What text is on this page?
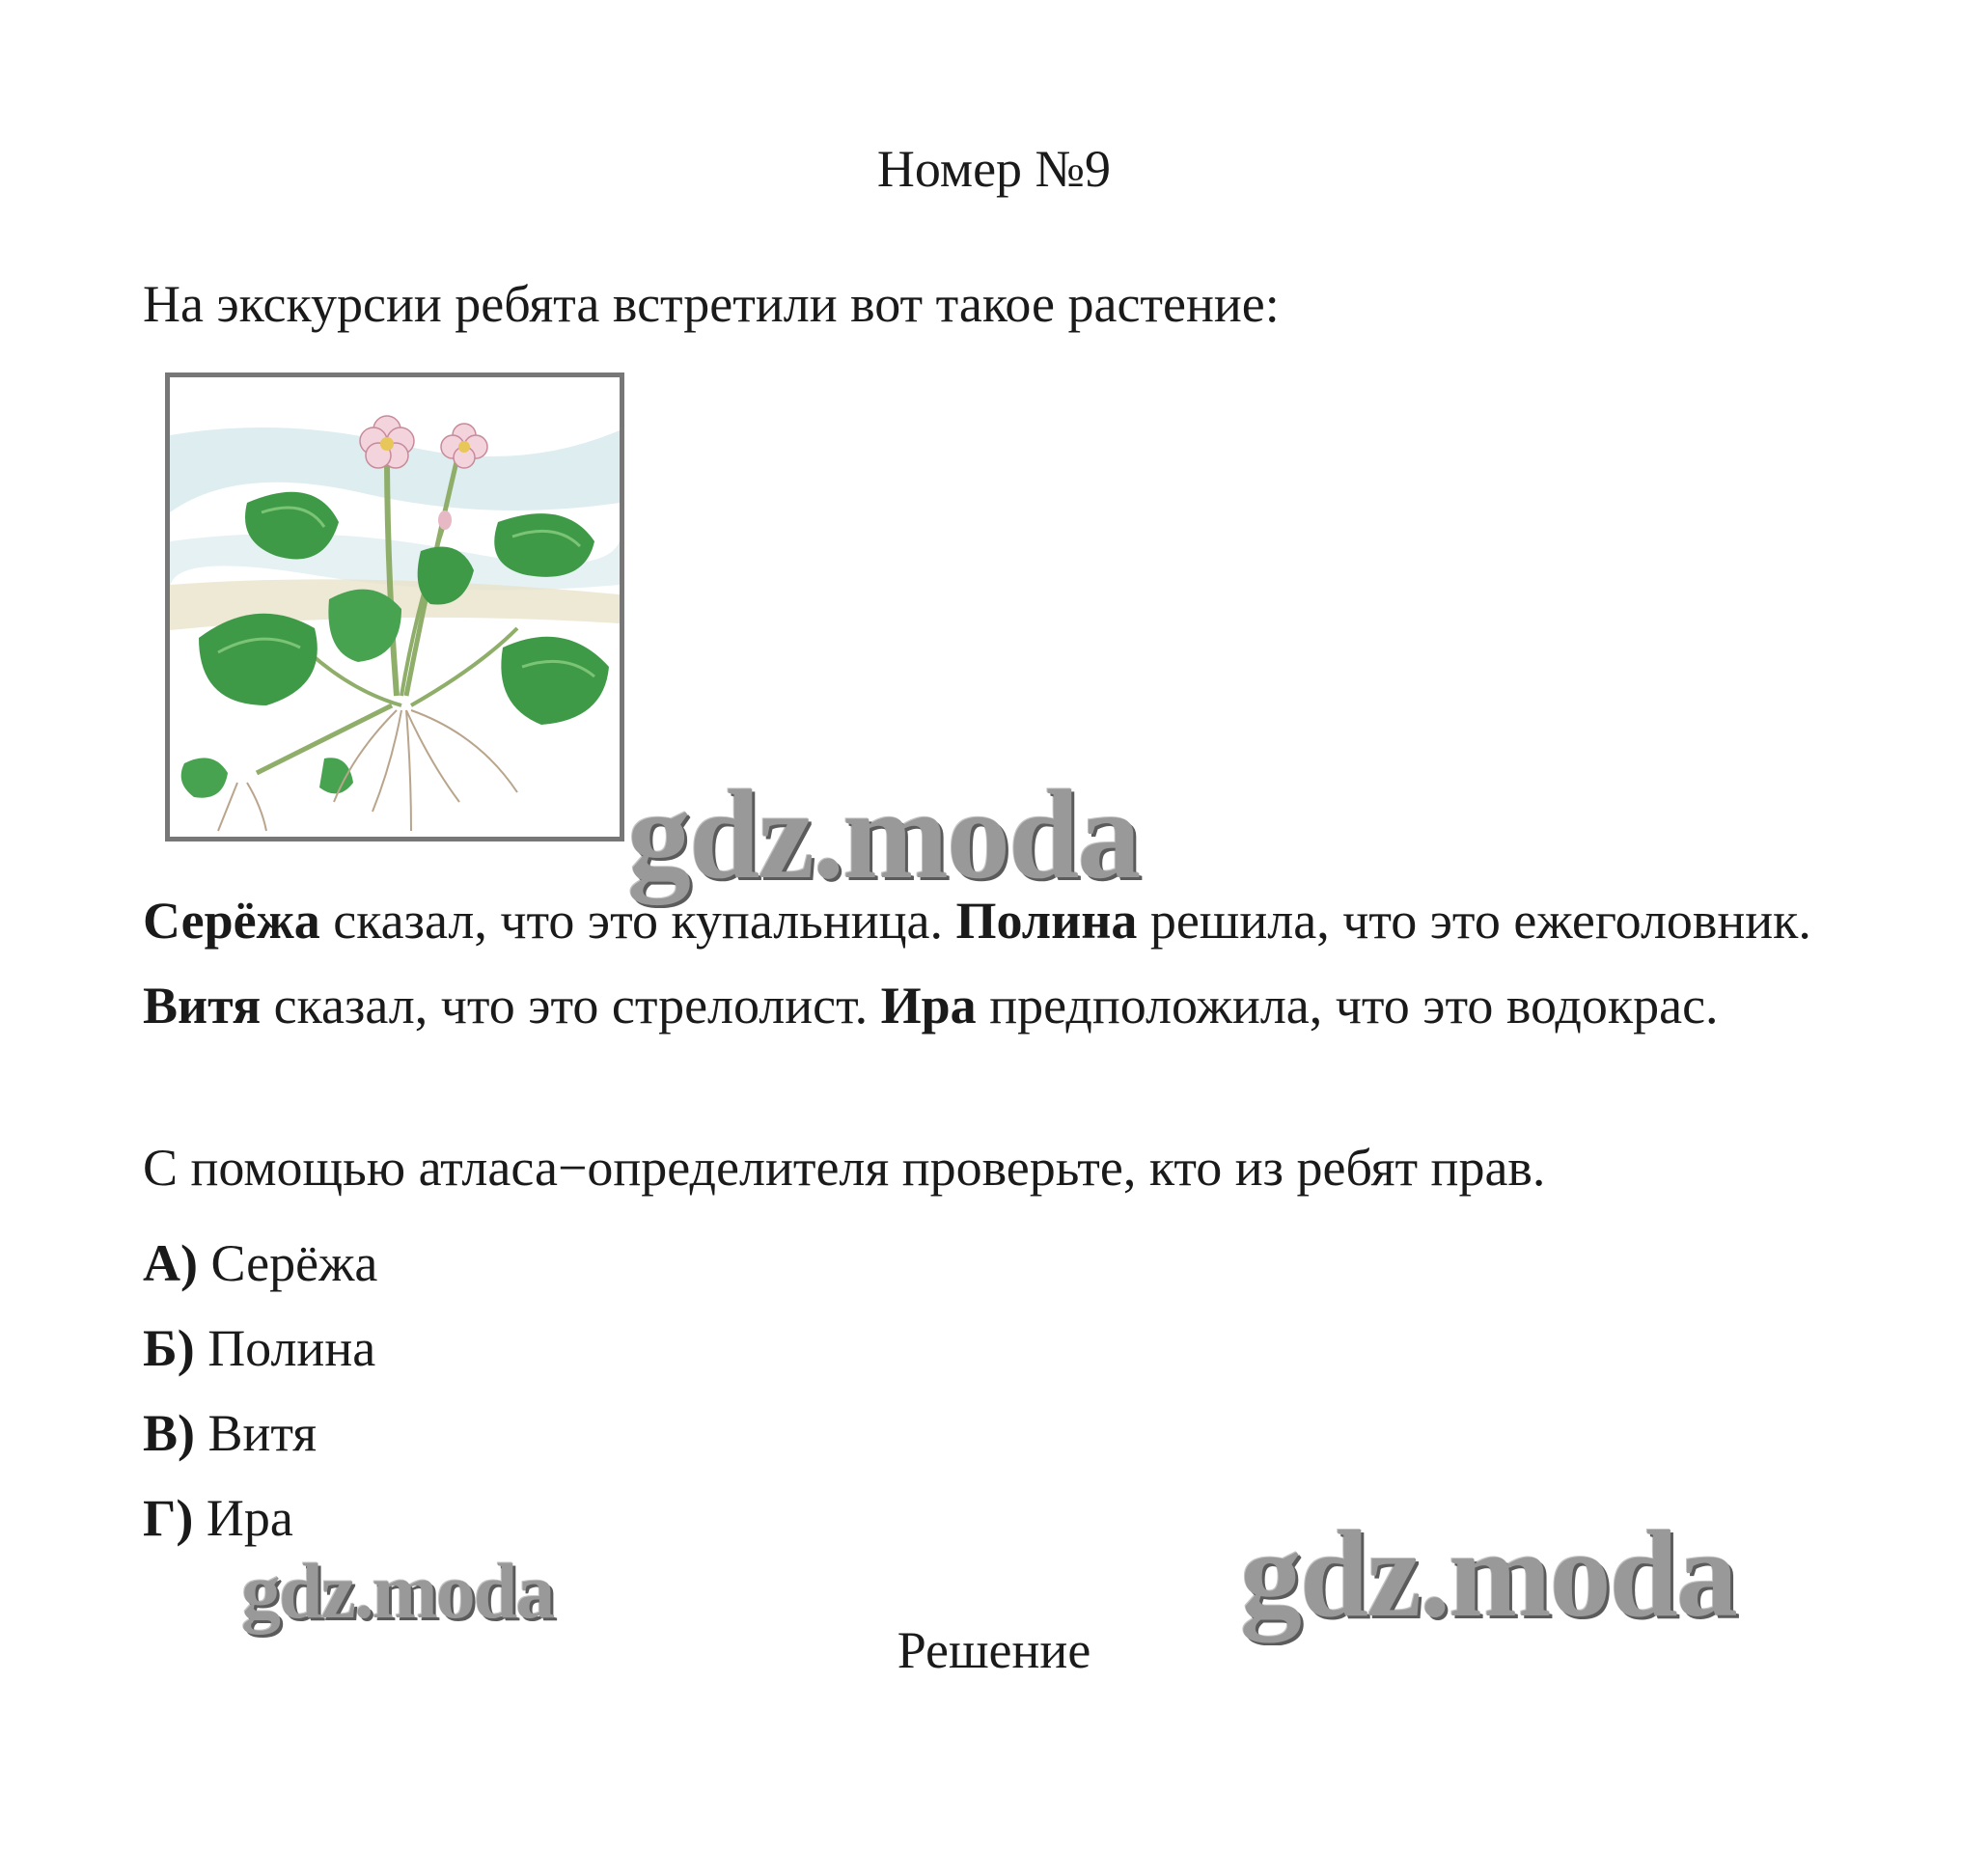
Номер №9
На экскурсии ребята встретили вот такое растение:
gdz.moda
Серёжа сказал, что это купальница. Полина решила, что это ежеголовник. Витя сказал, что это стрелолист. Ира предположила, что это водокрас.
С помощью атласа−определителя проверьте, кто из ребят прав.
А) Серёжа
Б) Полина
В) Витя
Г) Ира
gdz.moda	gdz.moda
Решение
